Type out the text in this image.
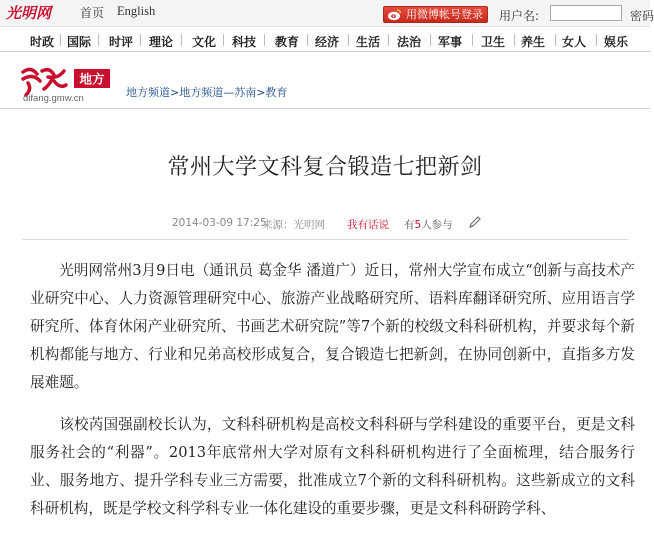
光明网 首页 English	用微博帐号登录	用户名:	密码
时政 国际 时评 理论 文化 科技 教育 经济 生活 法治 军事 卫生 养生 女人 娱乐
地方
difang.gmw.cn	地方频道>地方频道—苏南>教育
常州大学文科复合锻造七把新剑
2014-03-09 17:25
来源：光明网 我有话说 有5人参与

光明网常州3月9日电（通讯员 葛金华 潘道广）近日，常州大学宣布成立“创新与高技术产业研究中心、人力资源管理研究中心、旅游产业战略研究所、语料库翻译研究所、应用语言学研究所、体育休闲产业研究所、书画艺术研究院”等7个新的校级文科科研机构，并要求每个新机构都能与地方、行业和兄弟高校形成复合，复合锻造七把新剑，在协同创新中，直指多方发展难题。

该校芮国强副校长认为，文科科研机构是高校文科科研与学科建设的重要平台，更是文科服务社会的“利器”。2013年底常州大学对原有文科科研机构进行了全面梳理，结合服务行业、服务地方、提升学科专业三方需要，批准成立7个新的文科科研机构。这些新成立的文科科研机构，既是学校文科学科专业一体化建设的重要步骤，更是文科科研跨学科、
